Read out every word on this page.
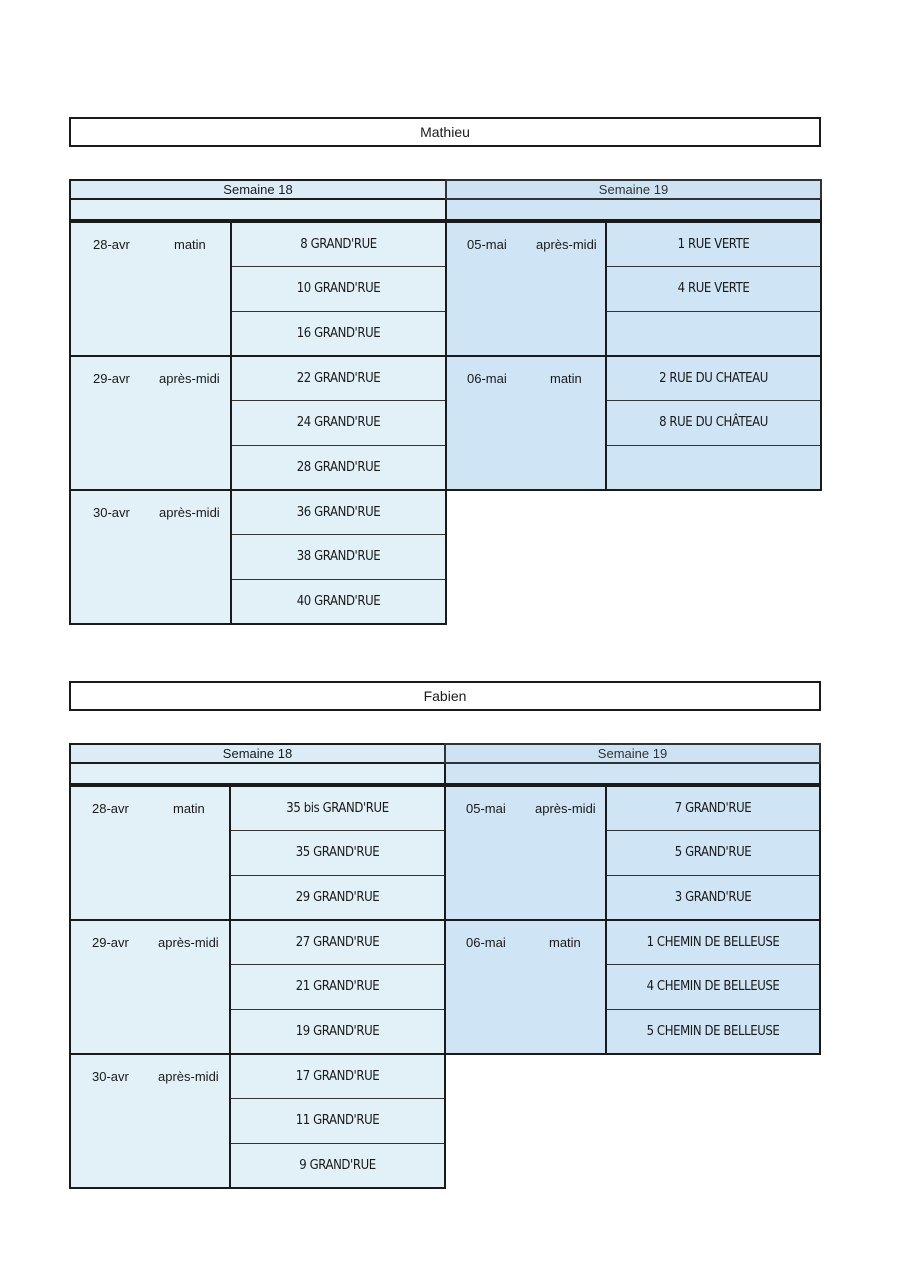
Mathieu
Semaine 18	Semaine 19
28-avr	matin	8 GRAND'RUE
10 GRAND'RUE
16 GRAND'RUE
29-avr après-midi	22 GRAND'RUE
24 GRAND'RUE
28 GRAND'RUE
30-avr après-midi	36 GRAND'RUE
38 GRAND'RUE
40 GRAND'RUE
05-mai après-midi	1 RUE VERTE
4 RUE VERTE
06-mai	matin	2 RUE DU CHATEAU
8 RUE DU CHÂTEAU
Fabien
Semaine 18	Semaine 19
28-avr	matin	35 bis GRAND'RUE
35 GRAND'RUE
29 GRAND'RUE
29-avr après-midi	27 GRAND'RUE
21 GRAND'RUE
19 GRAND'RUE
30-avr après-midi	17 GRAND'RUE
11 GRAND'RUE
9 GRAND'RUE
05-mai après-midi	7 GRAND'RUE
5 GRAND'RUE
3 GRAND'RUE
06-mai	matin	1 CHEMIN DE BELLEUSE
4 CHEMIN DE BELLEUSE
5 CHEMIN DE BELLEUSE
